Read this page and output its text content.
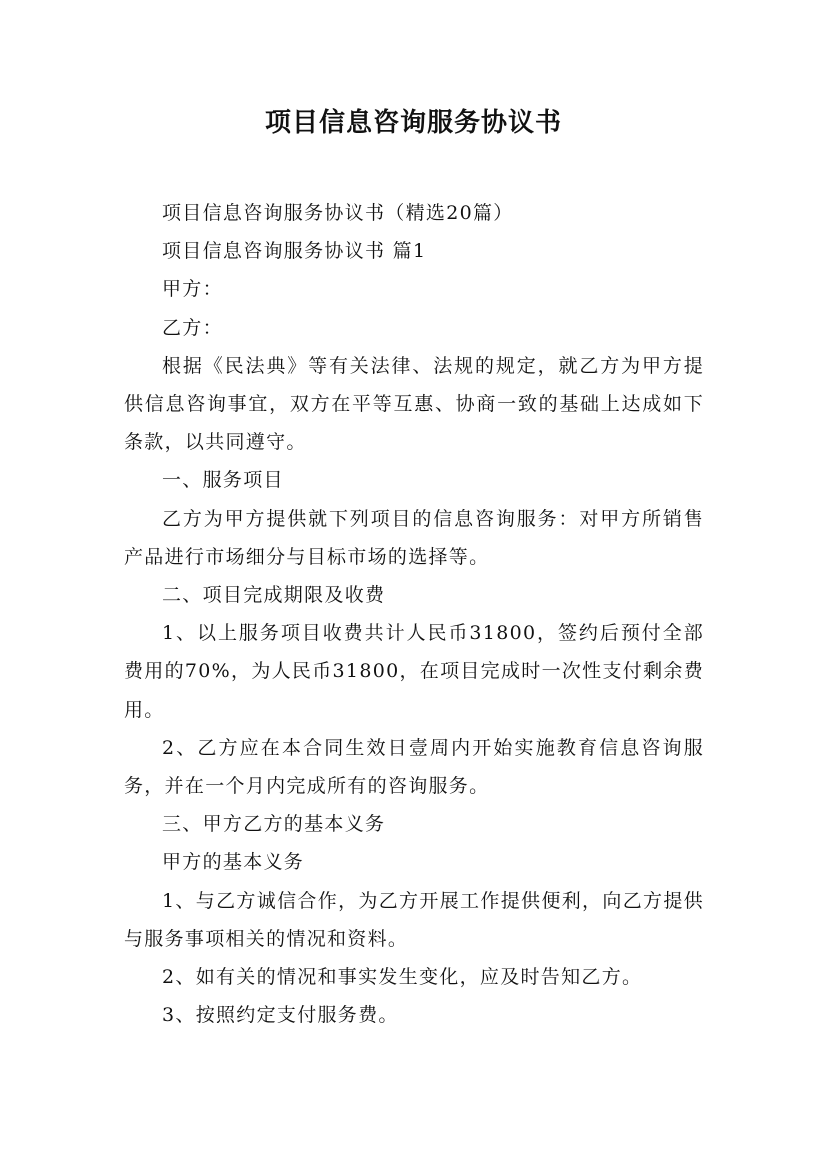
项目信息咨询服务协议书

项目信息咨询服务协议书（精选20篇）

项目信息咨询服务协议书 篇1

甲方：

乙方：

根据《民法典》等有关法律、法规的规定，就乙方为甲方提供信息咨询事宜，双方在平等互惠、协商一致的基础上达成如下条款，以共同遵守。

一、服务项目

乙方为甲方提供就下列项目的信息咨询服务：对甲方所销售产品进行市场细分与目标市场的选择等。

二、项目完成期限及收费

1、以上服务项目收费共计人民币31800，签约后预付全部费用的70%，为人民币31800，在项目完成时一次性支付剩余费用。

2、乙方应在本合同生效日壹周内开始实施教育信息咨询服务，并在一个月内完成所有的咨询服务。

三、甲方乙方的基本义务

甲方的基本义务

1、与乙方诚信合作，为乙方开展工作提供便利，向乙方提供与服务事项相关的情况和资料。

2、如有关的情况和事实发生变化，应及时告知乙方。

3、按照约定支付服务费。
